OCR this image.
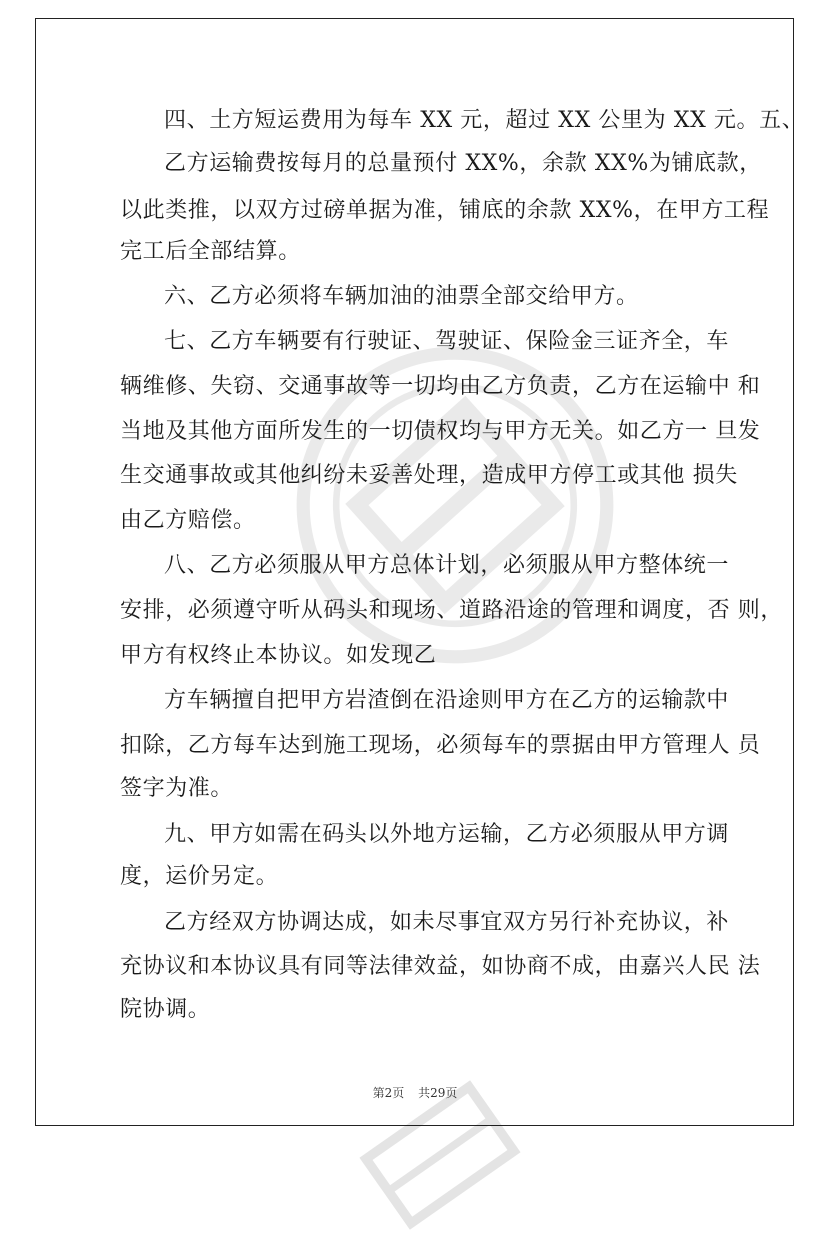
四、土方短运费用为每车 XX 元，超过 XX 公里为 XX 元。五、
乙方运输费按每月的总量预付 XX%，余款 XX%为铺底款，
以此类推，以双方过磅单据为准，铺底的余款 XX%，在甲方工程
完工后全部结算。
六、乙方必须将车辆加油的油票全部交给甲方。
七、乙方车辆要有行驶证、驾驶证、保险金三证齐全，车
辆维修、失窃、交通事故等一切均由乙方负责，乙方在运输中 和
当地及其他方面所发生的一切债权均与甲方无关。如乙方一 旦发
生交通事故或其他纠纷未妥善处理，造成甲方停工或其他 损失
由乙方赔偿。
八、乙方必须服从甲方总体计划，必须服从甲方整体统一
安排，必须遵守听从码头和现场、道路沿途的管理和调度，否 则，
甲方有权终止本协议。如发现乙
方车辆擅自把甲方岩渣倒在沿途则甲方在乙方的运输款中
扣除，乙方每车达到施工现场，必须每车的票据由甲方管理人 员
签字为准。
九、甲方如需在码头以外地方运输，乙方必须服从甲方调
度，运价另定。
乙方经双方协调达成，如未尽事宜双方另行补充协议，补
充协议和本协议具有同等法律效益，如协商不成，由嘉兴人民 法
院协调。
第2页 共29页
